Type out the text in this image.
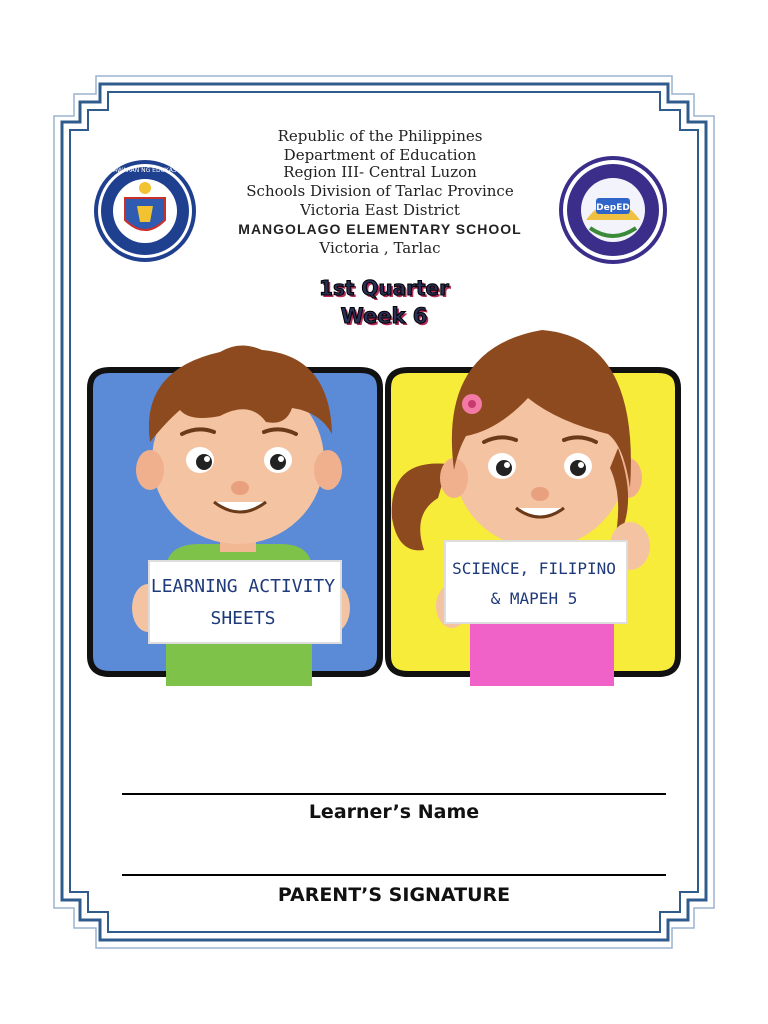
KAGAWARAN NG EDUKASYON
DepED
Republic of the Philippines
Department of Education
Region III- Central Luzon
Schools Division of Tarlac Province
Victoria East District
MANGOLAGO ELEMENTARY SCHOOL
Victoria , Tarlac
1st Quarter
Week 6
LEARNING ACTIVITY
SHEETS
SCIENCE, FILIPINO
& MAPEH 5
Learner’s Name
PARENT’S SIGNATURE
